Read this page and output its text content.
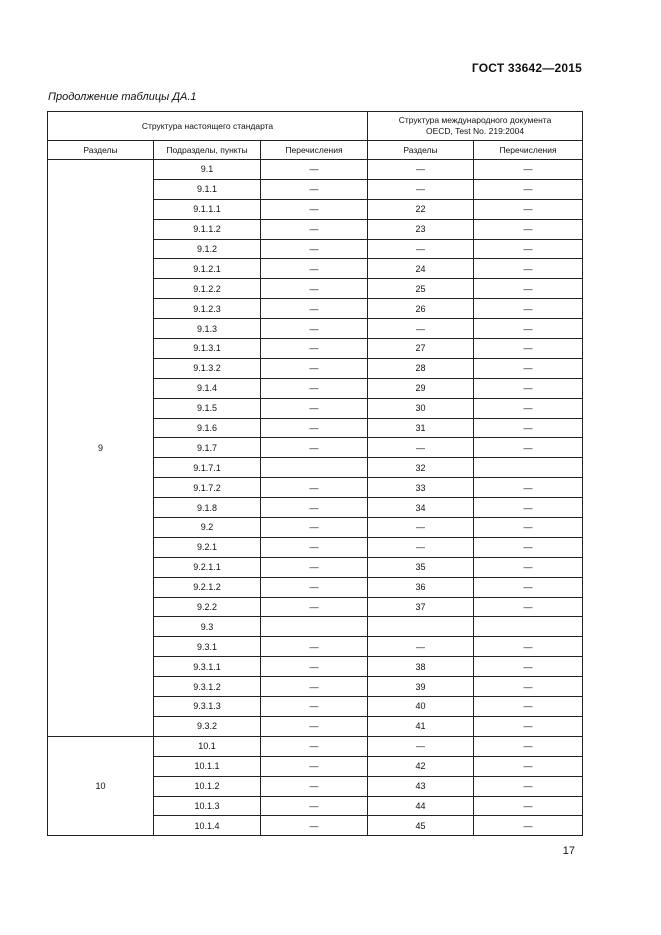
ГОСТ 33642—2015
Продолжение таблицы ДА.1
Структура настоящего стандарта			Структура международного документа
OECD, Test No. 219:2004	
Разделы	Подразделы, пункты	Перечисления	Разделы	Перечисления
9	9.1	—	—	—
	9.1.1	—	—	—
	9.1.1.1	—	22	—
	9.1.1.2	—	23	—
	9.1.2	—	—	—
	9.1.2.1	—	24	—
	9.1.2.2	—	25	—
	9.1.2.3	—	26	—
	9.1.3	—	—	—
	9.1.3.1	—	27	—
	9.1.3.2	—	28	—
	9.1.4	—	29	—
	9.1.5	—	30	—
	9.1.6	—	31	—
	9.1.7	—	—	—
	9.1.7.1		32	
	9.1.7.2	—	33	—
	9.1.8	—	34	—
	9.2	—	—	—
	9.2.1	—	—	—
	9.2.1.1	—	35	—
	9.2.1.2	—	36	—
	9.2.2	—	37	—
	9.3			
	9.3.1	—	—	—
	9.3.1.1	—	38	—
	9.3.1.2	—	39	—
	9.3.1.3	—	40	—
	9.3.2	—	41	—
10	10.1	—	—	—
	10.1.1	—	42	—
	10.1.2	—	43	—
	10.1.3	—	44	—
	10.1.4	—	45	—
17
